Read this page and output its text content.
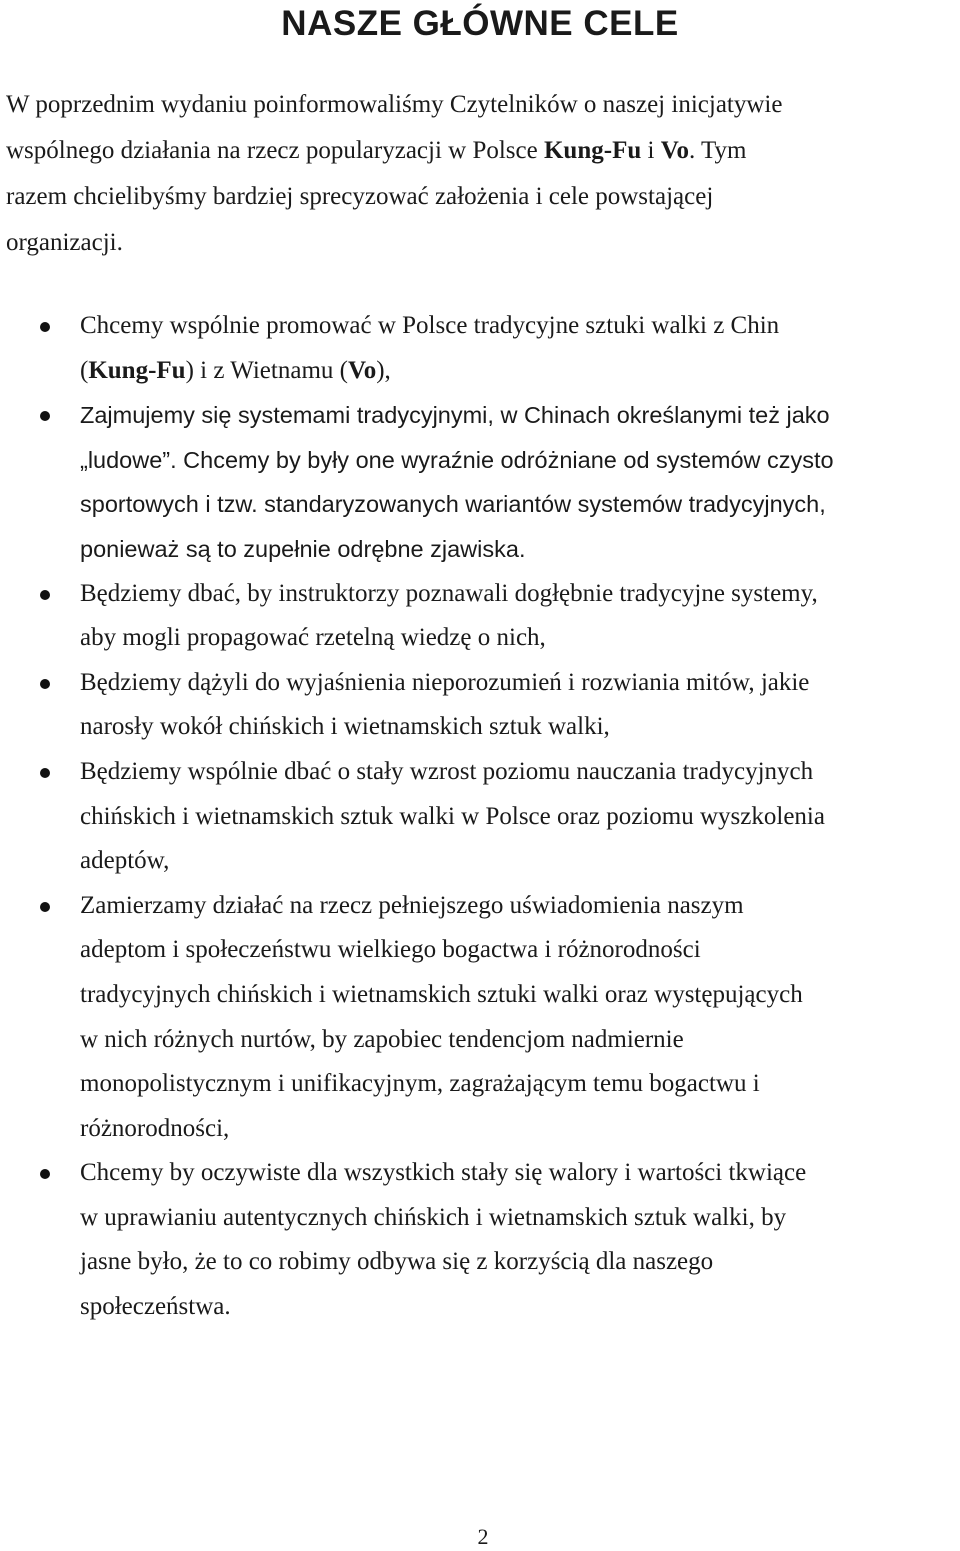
NASZE GŁÓWNE CELE

W poprzednim wydaniu poinformowaliśmy Czytelników o naszej inicjatywie
wspólnego działania na rzecz popularyzacji w Polsce Kung-Fu i Vo. Tym
razem chcielibyśmy bardziej sprecyzować założenia i cele powstającej
organizacji.

Chcemy wspólnie promować w Polsce tradycyjne sztuki walki z Chin
(Kung-Fu) i z Wietnamu (Vo),
Zajmujemy się systemami tradycyjnymi, w Chinach określanymi też jako
„ludowe”. Chcemy by były one wyraźnie odróżniane od systemów czysto
sportowych i tzw. standaryzowanych wariantów systemów tradycyjnych,
ponieważ są to zupełnie odrębne zjawiska.
Będziemy dbać, by instruktorzy poznawali dogłębnie tradycyjne systemy,
aby mogli propagować rzetelną wiedzę o nich,
Będziemy dążyli do wyjaśnienia nieporozumień i rozwiania mitów, jakie
narosły wokół chińskich i wietnamskich sztuk walki,
Będziemy wspólnie dbać o stały wzrost poziomu nauczania tradycyjnych
chińskich i wietnamskich sztuk walki w Polsce oraz poziomu wyszkolenia
adeptów,
Zamierzamy działać na rzecz pełniejszego uświadomienia naszym
adeptom i społeczeństwu wielkiego bogactwa i różnorodności
tradycyjnych chińskich i wietnamskich sztuki walki oraz występujących
w nich różnych nurtów, by zapobiec tendencjom nadmiernie
monopolistycznym i unifikacyjnym, zagrażającym temu bogactwu i
różnorodności,
Chcemy by oczywiste dla wszystkich stały się walory i wartości tkwiące
w uprawianiu autentycznych chińskich i wietnamskich sztuk walki, by
jasne było, że to co robimy odbywa się z korzyścią dla naszego
społeczeństwa.
2
